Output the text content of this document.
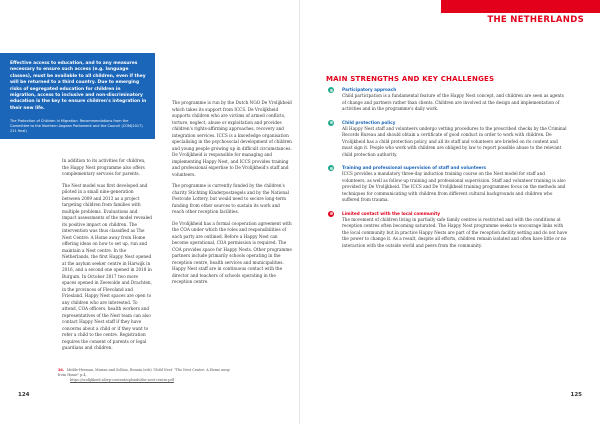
THE NETHERLANDS
Effective access to education, and to any measures necessary to ensure such access (e.g. language classes), must be available to all children, even if they will be returned to a third country. Due to emerging risks of segregated education for children in migration, access to inclusive and non-discriminatory education is the key to ensure children's integration in their new life.
The Protection of Children in Migration: Recommendations from the Committee to the Northern Aegean Parliament and the Council (COM(2017) 211 final)

In addition to its activities for children, the Happy Nest programme also offers complementary services for parents.

The Nest model was first developed and piloted in a small nine-generation between 2009 and 2013 as a project targeting children from families with multiple problems. Evaluations and impact assessments of the model revealed its positive impact on children. The intervention was thus classified as The Nest Centre: A Home away from Home offering ideas on how to set up, run and maintain a Nest centre. In the Netherlands, the first Happy Nest opened at the asylum seeker centre in Harwijk in 2016, and a second one opened in 2018 in Burgum. In October 2017 two more spaces opened in Zeewolde and Drachten, in the provinces of Flevoland and Friesland. Happy Nest spaces are open to any children who are interested. To attend, COA officers, health workers and representatives of the Nest team can also contact Happy Nest staff if they have concerns about a child or if they want to refer a child to the centre. Registration requires the consent of parents or legal guardians and children.

The programme is run by the Dutch NGO De Vrolijkheid which takes its support from ICCS. De Vrolijkheid supports children who are victims of armed conflicts, torture, neglect, abuse or exploitation and provides children's rights-affirming approaches, recovery and integration services. ICCS is a knowledge organisation specialising in the psychosocial development of children and young people growing up in difficult circumstances. De Vrolijkheid is responsible for managing and implementing Happy Nest, and ICCS provides training and professional expertise to De Vrolijkheid's staff and volunteers.

The programme is currently funded by the children's charity Stichting Kinderpostzegels and by the National Postcode Lottery, but would need to secure long-term funding from other sources to sustain its work and reach other reception facilities.

De Vrolijkheid has a formal cooperation agreement with the COA under which the roles and responsibilities of each party are outlined. Before a Happy Nest can become operational, COA permission is required. The COA provides space for Happy Nests. Other programme partners include primarily schools operating in the reception centre, health services and municipalities. Happy Nest staff are in continuous contact with the director and teachers of schools operating in the reception centre.

26. Midde-Herman, Marian and Sollaio, Renata (eds) 'Child Nest' "The Nest Centre: A Home away from Home" p.4,
https://vrolijkheid.nl/wp-content/uploads/the-nest-centre.pdf
124
MAIN STRENGTHS AND KEY CHALLENGES
Participatory approach
Child participation is a fundamental feature of the Happy Nest concept, and children are seen as agents of change and partners rather than clients. Children are involved at the design and implementation of activities and in the programme's daily work.
Child protection policy
All Happy Nest staff and volunteers undergo vetting procedures to the prescribed checks by the Criminal Records Bureau and should obtain a certificate of good conduct in order to work with children. De Vrolijkheid has a child protection policy, and all its staff and volunteers are briefed on its content and must sign it. People who work with children are obliged by law to report possible abuse to the relevant child protection authority.
Training and professional supervision of staff and volunteers
ICCS provides a mandatory three-day induction training course on the Nest model for staff and volunteers, as well as follow-up training and professional supervision. Staff and volunteer training is also provided by De Vrolijkheid. The ICCS and De Vrolijkheid training programmes focus on the methods and techniques for communicating with children from different cultural backgrounds and children who suffered from trauma.
Limited contact with the local community
The movement of children living in partially safe family centres is restricted and with the conditions at reception centres often becoming saturated. The Happy Nest programme seeks to encourage links with the local community but in practice Happy Nests are part of the reception facility setting and do not have the power to change it. As a result, despite all efforts, children remain isolated and often have little or no interaction with the outside world and peers from the community.
125
